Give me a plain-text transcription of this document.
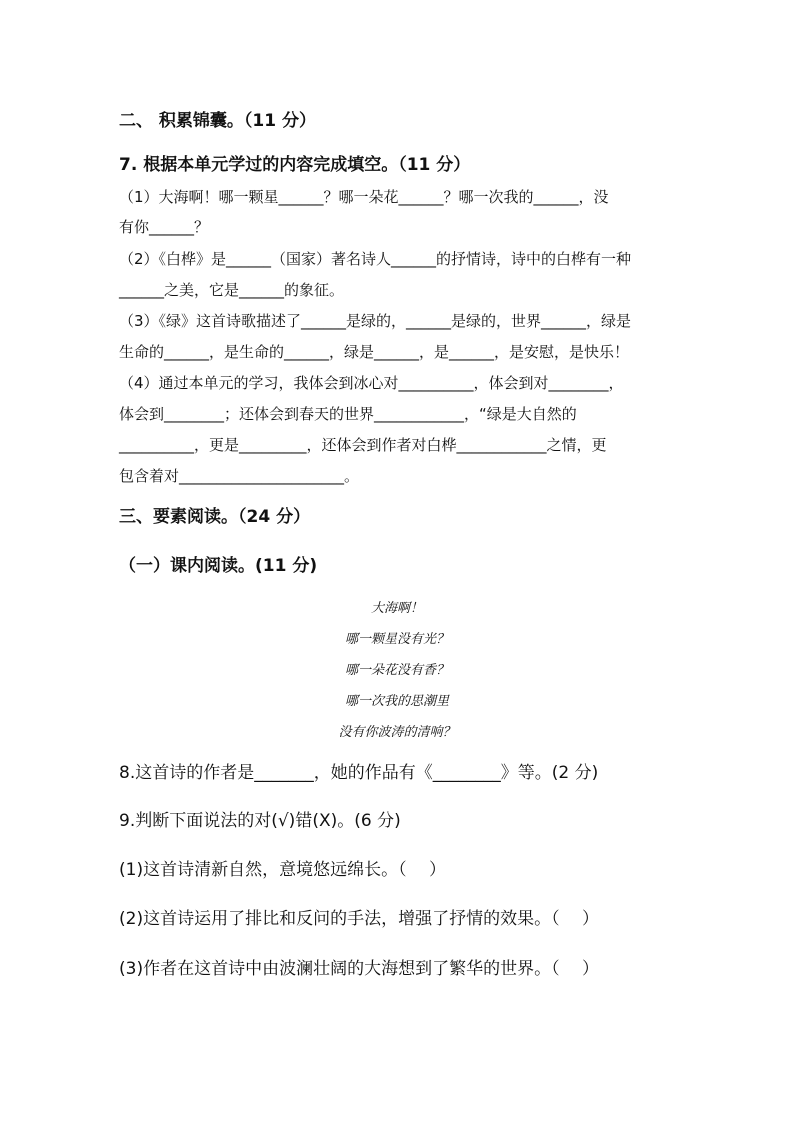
二、 积累锦囊。（11 分）
7. 根据本单元学过的内容完成填空。（11 分）
（1）大海啊！哪一颗星______？哪一朵花______？哪一次我的______，没
有你______？
（2）《白桦》是______（国家）著名诗人______的抒情诗，诗中的白桦有一种
______之美，它是______的象征。
（3）《绿》这首诗歌描述了______是绿的，______是绿的，世界______，绿是
生命的______，是生命的______，绿是______，是______，是安慰，是快乐！
（4）通过本单元的学习，我体会到冰心对__________，体会到对________，
体会到________；还体会到春天的世界____________，“绿是大自然的
__________，更是_________，还体会到作者对白桦____________之情，更
包含着对______________________。
三、要素阅读。（24 分）
（一）课内阅读。(11 分)
大海啊！
哪一颗星没有光？
哪一朵花没有香？
哪一次我的思潮里
没有你波涛的清响？
8.这首诗的作者是_______，她的作品有《________》等。(2 分)
9.判断下面说法的对(√)错(X)。(6 分)
(1)这首诗清新自然，意境悠远绵长。（　 ）
(2)这首诗运用了排比和反问的手法，增强了抒情的效果。（　 ）
(3)作者在这首诗中由波澜壮阔的大海想到了繁华的世界。（　 ）
